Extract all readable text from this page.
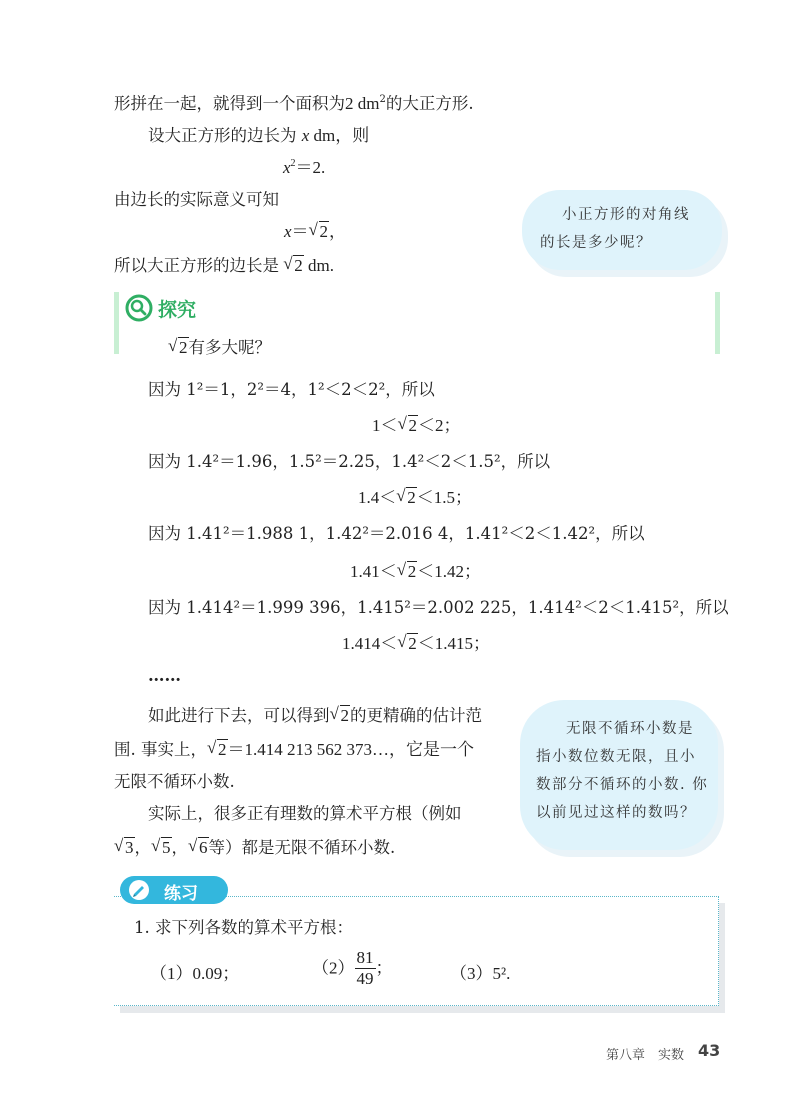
形拼在一起，就得到一个面积为2 $dm^2$的大正方形.
设大正方形的边长为 x dm，则
$x^2=2$.
由边长的实际意义可知
x＝ √ 2，
所以大正方形的边长是 √ 2 dm.
小正方形的对角线
的长是多少呢？
探究
√ 2有多大呢？
因为 1²＝1，2²＝4，1²＜2＜2²，所以
1＜ √ 2＜2；
因为 1.4²＝1.96，1.5²＝2.25，1.4²＜2＜1.5²，所以
1.4＜ √ 2＜1.5；
因为 1.41²＝1.988 1，1.42²＝2.016 4，1.41²＜2＜1.42²，所以
1.41＜ √ 2＜1.42；
因为 1.414²＝1.999 396，1.415²＝2.002 225，1.414²＜2＜1.415²，所以
1.414＜ √ 2＜1.415；
……
如此进行下去，可以得到 √ 2的更精确的估计范
围. 事实上， √ 2＝1.414 213 562 373…，它是一个
无限不循环小数.
实际上，很多正有理数的算术平方根（例如
√ 3， √ 5， √ 6等）都是无限不循环小数.
无限不循环小数是
指小数位数无限，且小
数部分不循环的小数. 你
以前见过这样的数吗？
练习
1. 求下列各数的算术平方根：
（1）0.09；	$(2) \frac{81}{49}$ ；	（3）5².
第八章　实数 43
